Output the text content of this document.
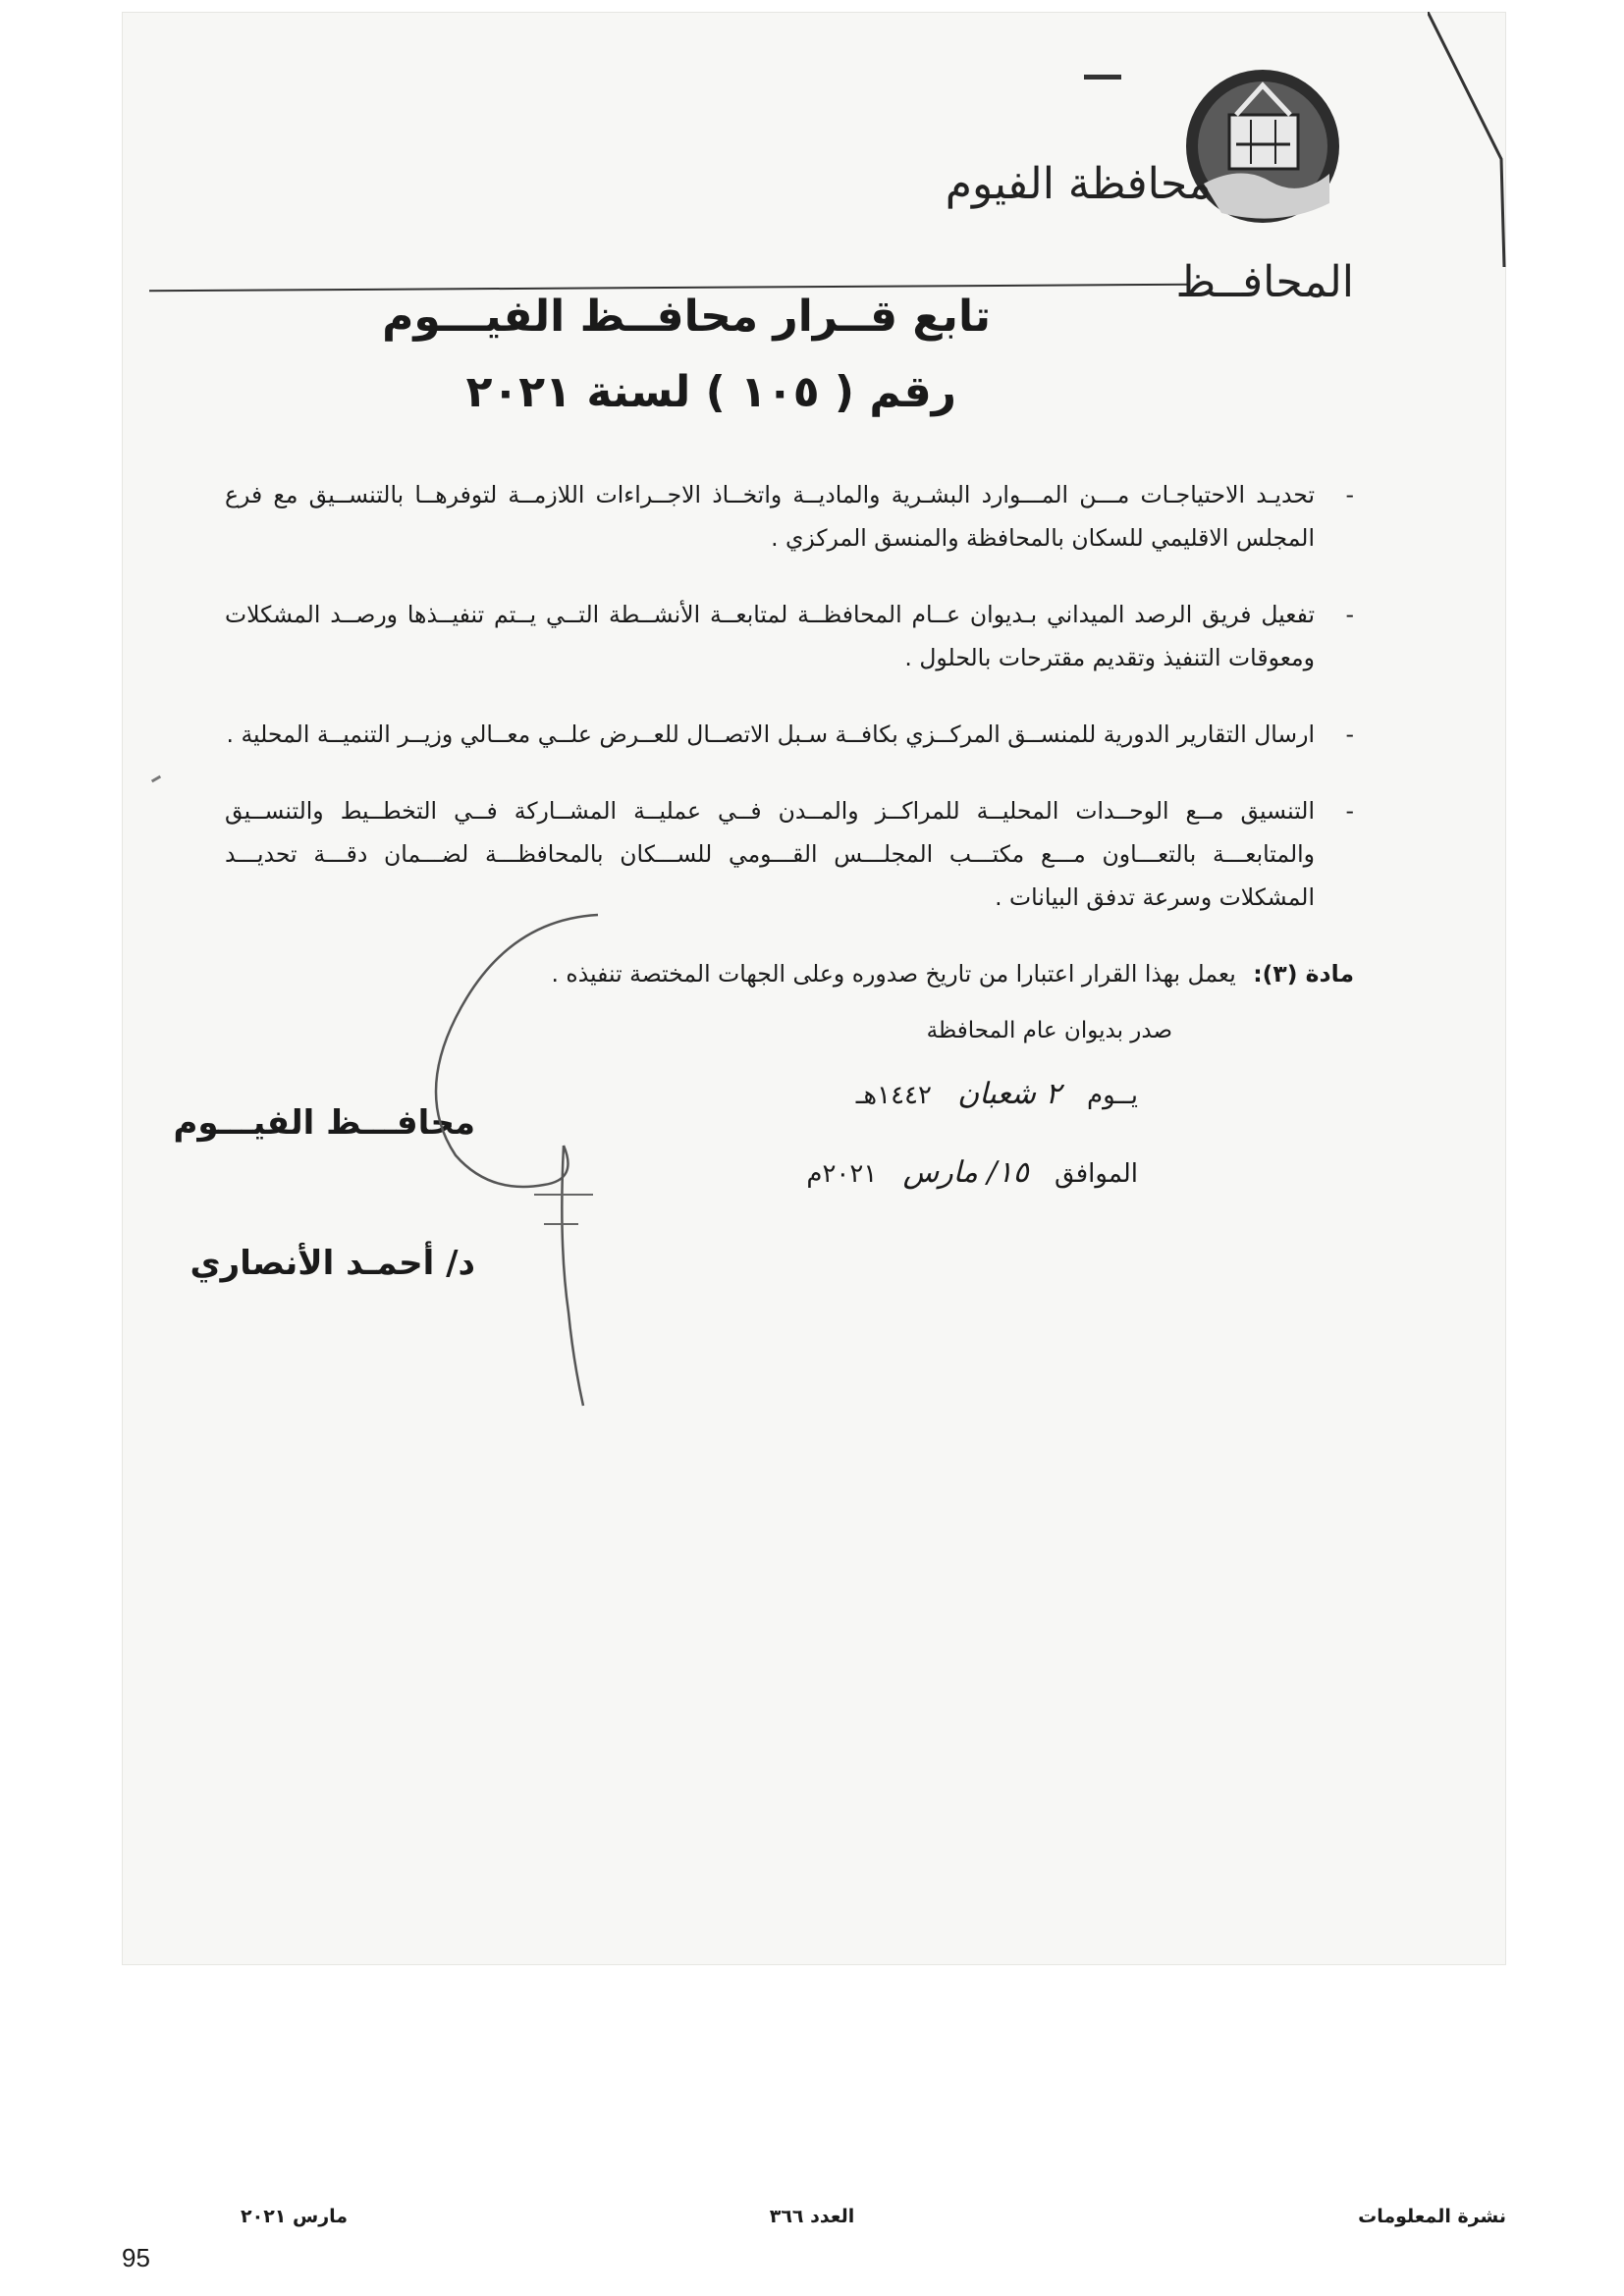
محافظة الفيوم
المحافــظ
تابع قــرار محافــظ الفيـــوم
رقم ( ١٠٥ ) لسنة ٢٠٢١
-
تحديـد الاحتياجـات مـــن المـــوارد البشـرية والماديــة واتخــاذ الاجــراءات اللازمــة لتوفرهــا بالتنســيق مع فرع المجلس الاقليمي للسكان بالمحافظة والمنسق المركزي .
-
تفعيل فريق الرصد الميداني بـديوان عــام المحافظــة لمتابعــة الأنشــطة التــي يــتم تنفيــذها ورصــد المشكلات ومعوقات التنفيذ وتقديم مقترحات بالحلول .
-
ارسال التقارير الدورية للمنســق المركــزي بكافــة سـبل الاتصــال للعــرض علــي معــالي وزيــر التنميــة المحلية .
-
التنسيق مــع الوحــدات المحليــة للمراكــز والمــدن فــي عمليــة المشــاركة فــي التخطــيط والتنســيق والمتابعـــة بالتعـــاون مـــع مكتـــب المجلـــس القـــومي للســـكان بالمحافظـــة لضـــمان دقـــة تحديـــد المشكلات وسرعة تدفق البيانات .
مادة (٣): يعمل بهذا القرار اعتبارا من تاريخ صدوره وعلى الجهات المختصة تنفيذه .
صدر بديوان عام المحافظة
يــوم ٢ شعبان ١٤٤٢هـ
الموافق ١٥/ مارس ٢٠٢١م
محافـــظ الفيـــوم
د/ أحمـد الأنصاري
نشرة المعلومات
العدد ٣٦٦
مارس ٢٠٢١
95
